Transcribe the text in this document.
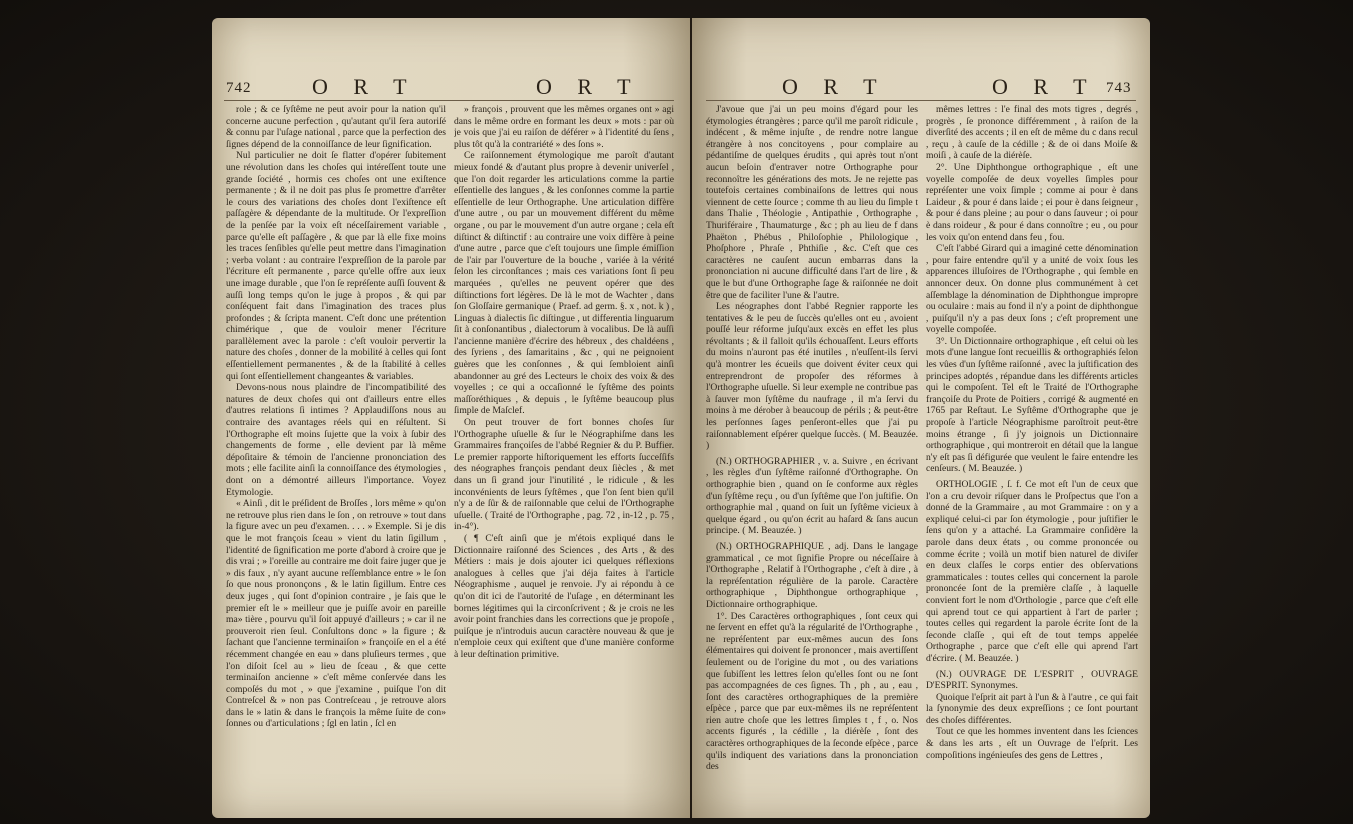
742	O R T	O R T

role ; & ce ſyſtême ne peut avoir pour la nation qu'il concerne aucune perfection , qu'autant qu'il ſera autoriſé & connu par l'uſage national , parce que la perfection des ſignes dépend de la connoiſſance de leur ſignification.

Nul particulier ne doit ſe flatter d'opérer ſubitement une révolution dans les choſes qui intéreſſent toute une grande ſociété , hormis ces choſes ont une exiſtence permanente ; & il ne doit pas plus ſe promettre d'arrêter le cours des variations des choſes dont l'exiſtence eſt paſſagère & dépendante de la multitude. Or l'expreſſion de la penſée par la voix eſt néceſſairement variable , parce qu'elle eſt paſſagère , & que par là elle fixe moins les traces ſenſibles qu'elle peut mettre dans l'imagination ; verba volant : au contraire l'expreſſion de la parole par l'écriture eſt permanente , parce qu'elle offre aux ieux une image durable , que l'on ſe repréſente auſſi ſouvent & auſſi long temps qu'on le juge à propos , & qui par conſéquent fait dans l'imagination des traces plus profondes ; & ſcripta manent. C'eſt donc une prétention chimérique , que de vouloir mener l'écriture parallèlement avec la parole : c'eſt vouloir pervertir la nature des choſes , donner de la mobilité à celles qui ſont eſſentiellement permanentes , & de la ſtabilité à celles qui ſont eſſentiellement changeantes & variables.

Devons-nous nous plaindre de l'incompatibilité des natures de deux choſes qui ont d'ailleurs entre elles d'autres relations ſi intimes ? Applaudiſſons nous au contraire des avantages réels qui en réſultent. Si l'Orthographe eſt moins ſujette que la voix à ſubir des changements de forme , elle devient par là même dépoſitaire & témoin de l'ancienne prononciation des mots ; elle facilite ainſi la connoiſſance des étymologies , dont on a démontré ailleurs l'importance. Voyez Etymologie.

« Ainſi , dit le préſident de Broſſes , lors même » qu'on ne retrouve plus rien dans le ſon , on retrouve » tout dans la figure avec un peu d'examen. . . . » Exemple. Si je dis que le mot françois ſceau » vient du latin ſigillum , l'identité de ſignification me porte d'abord à croire que je dis vrai ; » l'oreille au contraire me doit faire juger que je » dis faux , n'y ayant aucune reſſemblance entre » le ſon ſo que nous prononçons , & le latin ſigillum. Entre ces deux juges , qui ſont d'opinion contraire , je ſais que le premier eſt le » meilleur que je puiſſe avoir en pareille ma» tière , pourvu qu'il ſoit appuyé d'ailleurs ; » car il ne prouveroit rien ſeul. Conſultons donc » la figure ; & ſachant que l'ancienne terminaiſon » françoiſe en el a été récemment changée en eau » dans pluſieurs termes , que l'on diſoit ſcel au » lieu de ſceau , & que cette terminaiſon ancienne » c'eſt même conſervée dans les compoſés du mot , » que j'examine , puiſque l'on dit Contreſcel & » non pas Contreſceau , je retrouve alors dans le » latin & dans le françois la même ſuite de con» ſonnes ou d'articulations ; ſgl en latin , ſcl en

» françois , prouvent que les mêmes organes ont » agi dans le même ordre en formant les deux » mots : par où je vois que j'ai eu raiſon de déférer » à l'identité du ſens , plus tôt qu'à la contrariété » des ſons ».

Ce raiſonnement étymologique me paroît d'autant mieux fondé & d'autant plus propre à devenir univerſel , que l'on doit regarder les articulations comme la partie eſſentielle des langues , & les conſonnes comme la partie eſſentielle de leur Orthographe. Une articulation diffère d'une autre , ou par un mouvement différent du même organe , ou par le mouvement d'un autre organe ; cela eſt diſtinct & diſtinctif : au contraire une voix diffère à peine d'une autre , parce que c'eſt toujours une ſimple émiſſion de l'air par l'ouverture de la bouche , variée à la vérité ſelon les circonſtances ; mais ces variations ſont ſi peu marquées , qu'elles ne peuvent opérer que des diſtinctions fort légères. De là le mot de Wachter , dans ſon Gloſſaire germanique ( Praef. ad germ. §. x , not. k ) , Linguas à dialectis ſic diſtingue , ut differentia linguarum ſit à conſonantibus , dialectorum à vocalibus. De là auſſi l'ancienne manière d'écrire des hébreux , des chaldéens , des ſyriens , des ſamaritains , &c , qui ne peignoient guères que les conſonnes , & qui ſembloient ainſi abandonner au gré des Lecteurs le choix des voix & des voyelles ; ce qui a occaſionné le ſyſtême des points maſſoréthiques , & depuis , le ſyſtême beaucoup plus ſimple de Maſclef.

On peut trouver de fort bonnes choſes ſur l'Orthographe uſuelle & ſur le Néographiſme dans les Grammaires françoiſes de l'abbé Regnier & du P. Buffier. Le premier rapporte hiſtoriquement les efforts ſucceſſifs des néographes françois pendant deux ſiècles , & met dans un ſi grand jour l'inutilité , le ridicule , & les inconvénients de leurs ſyſtêmes , que l'on ſent bien qu'il n'y a de ſûr & de raiſonnable que celui de l'Orthographe uſuelle. ( Traité de l'Orthographe , pag. 72 , in-12 , p. 75 , in-4°).

( ¶ C'eſt ainſi que je m'étois expliqué dans le Dictionnaire raiſonné des Sciences , des Arts , & des Métiers : mais je dois ajouter ici quelques réflexions analogues à celles que j'ai déja faites à l'article Néographisme , auquel je renvoie. J'y ai répondu à ce qu'on dit ici de l'autorité de l'uſage , en déterminant les bornes légitimes qui la circonſcrivent ; & je crois ne les avoir point franchies dans les corrections que je propoſe , puiſque je n'introduis aucun caractère nouveau & que je n'emploie ceux qui exiſtent que d'une manière conforme à leur deſtination primitive.

O R T	O R T 743

J'avoue que j'ai un peu moins d'égard pour les étymologies étrangères ; parce qu'il me paroît ridicule , indécent , & même injuſte , de rendre notre langue étrangère à nos concitoyens , pour complaire au pédantiſme de quelques érudits , qui après tout n'ont aucun beſoin d'entraver notre Orthographe pour reconnoître les générations des mots. Je ne rejette pas toutefois certaines combinaiſons de lettres qui nous viennent de cette ſource ; comme th au lieu du ſimple t dans Thalie , Théologie , Antipathie , Orthographe , Thuriféraire , Thaumaturge , &c ; ph au lieu de f dans Phaëton , Phébus , Philoſophie , Philologique , Phoſphore , Phraſe , Phthiſie , &c. C'eſt que ces caractères ne cauſent aucun embarras dans la prononciation ni aucune difficulté dans l'art de lire , & que le but d'une Orthographe ſage & raiſonnée ne doit être que de faciliter l'une & l'autre.

Les néographes dont l'abbé Regnier rapporte les tentatives & le peu de ſuccès qu'elles ont eu , avoient pouſſé leur réforme juſqu'aux excès en effet les plus révoltants ; & il falloit qu'ils échouaſſent. Leurs efforts du moins n'auront pas été inutiles , n'euſſent-ils ſervi qu'à montrer les écueils que doivent éviter ceux qui entreprendront de propoſer des réformes à l'Orthographe uſuelle. Si leur exemple ne contribue pas à ſauver mon ſyſtême du naufrage , il m'a ſervi du moins à me dérober à beaucoup de périls ; & peut-être les perſonnes ſages penſeront-elles que j'ai pu raiſonnablement eſpérer quelque ſuccès. ( M. Beauzée. )

(N.) ORTHOGRAPHIER , v. a. Suivre , en écrivant , les règles d'un ſyſtême raiſonné d'Orthographe. On orthographie bien , quand on ſe conforme aux règles d'un ſyſtême reçu , ou d'un ſyſtême que l'on juſtifie. On orthographie mal , quand on ſuit un ſyſtême vicieux à quelque égard , ou qu'on écrit au haſard & ſans aucun principe. ( M. Beauzée. )

(N.) ORTHOGRAPHIQUE , adj. Dans le langage grammatical , ce mot ſignifie Propre ou néceſſaire à l'Orthographe , Relatif à l'Orthographe , c'eſt à dire , à la repréſentation régulière de la parole. Caractère orthographique , Diphthongue orthographique , Dictionnaire orthographique.

1°. Des Caractères orthographiques , ſont ceux qui ne ſervent en effet qu'à la régularité de l'Orthographe , ne repréſentent par eux-mêmes aucun des ſons élémentaires qui doivent ſe prononcer , mais avertiſſent ſeulement ou de l'origine du mot , ou des variations que ſubiſſent les lettres ſelon qu'elles ſont ou ne ſont pas accompagnées de ces ſignes. Th , ph , au , eau , ſont des caractères orthographiques de la première eſpèce , parce que par eux-mêmes ils ne repréſentent rien autre choſe que les lettres ſimples t , f , o. Nos accents figurés , la cédille , la diérèſe , ſont des caractères orthographiques de la ſeconde eſpèce , parce qu'ils indiquent des variations dans la prononciation des

mêmes lettres : l'e final des mots tigres , degrés , progrès , ſe prononce différemment , à raiſon de la diverſité des accents ; il en eſt de même du c dans recul , reçu , à cauſe de la cédille ; & de oi dans Moiſe & moiſi , à cauſe de la diérèſe.

2°. Une Diphthongue orthographique , eſt une voyelle compoſée de deux voyelles ſimples pour repréſenter une voix ſimple ; comme ai pour è dans Laideur , & pour é dans laide ; ei pour è dans ſeigneur , & pour é dans pleine ; au pour o dans ſauveur ; oi pour è dans roideur , & pour é dans connoître ; eu , ou pour les voix qu'on entend dans feu , fou.

C'eſt l'abbé Girard qui a imaginé cette dénomination , pour faire entendre qu'il y a unité de voix ſous les apparences illuſoires de l'Orthographe , qui ſemble en annoncer deux. On donne plus communément à cet aſſemblage la dénomination de Diphthongue impropre ou oculaire : mais au fond il n'y a point de diphthongue , puiſqu'il n'y a pas deux ſons ; c'eſt proprement une voyelle compoſée.

3°. Un Dictionnaire orthographique , eſt celui où les mots d'une langue ſont recueillis & orthographiés ſelon les vûes d'un ſyſtême raiſonné , avec la juſtification des principes adoptés , répandue dans les différents articles qui le compoſent. Tel eſt le Traité de l'Orthographe françoiſe du Prote de Poitiers , corrigé & augmenté en 1765 par Reſtaut. Le Syſtême d'Orthographe que je propoſe à l'article Néographisme paroîtroit peut-être moins étrange , ſi j'y joignois un Dictionnaire orthographique , qui montreroit en détail que la langue n'y eſt pas ſi défigurée que veulent le faire entendre les cenſeurs. ( M. Beauzée. )

ORTHOLOGIE , ſ. f. Ce mot eſt l'un de ceux que l'on a cru devoir riſquer dans le Proſpectus que l'on a donné de la Grammaire , au mot Grammaire : on y a expliqué celui-ci par ſon étymologie , pour juſtifier le ſens qu'on y a attaché. La Grammaire conſidère la parole dans deux états , ou comme prononcée ou comme écrite ; voilà un motif bien naturel de diviſer en deux claſſes le corps entier des obſervations grammaticales : toutes celles qui concernent la parole prononcée ſont de la première claſſe , à laquelle convient fort le nom d'Orthologie , parce que c'eſt elle qui aprend tout ce qui appartient à l'art de parler ; toutes celles qui regardent la parole écrite ſont de la ſeconde claſſe , qui eſt de tout temps appelée Orthographe , parce que c'eſt elle qui aprend l'art d'écrire. ( M. Beauzée. )

(N.) OUVRAGE DE L'ESPRIT , OUVRAGE D'ESPRIT. Synonymes.

Quoique l'eſprit ait part à l'un & à l'autre , ce qui fait la ſynonymie des deux expreſſions ; ce ſont pourtant des choſes différentes.

Tout ce que les hommes inventent dans les ſciences & dans les arts , eſt un Ouvrage de l'eſprit. Les compoſitions ingénieuſes des gens de Lettres ,
